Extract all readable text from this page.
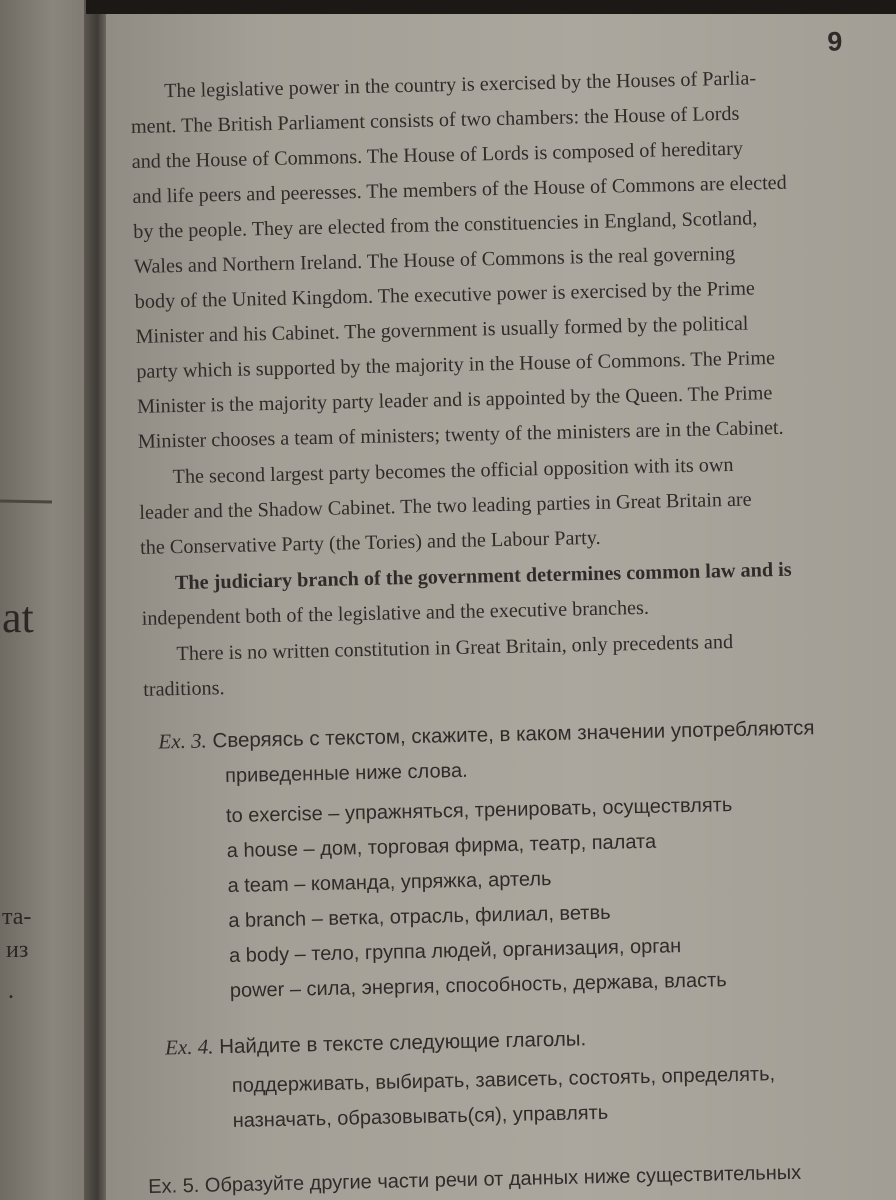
at
та-
из
.
9
The legislative power in the country is exercised by the Houses of Parlia-
ment. The British Parliament consists of two chambers: the House of Lords
and the House of Commons. The House of Lords is composed of hereditary
and life peers and peeresses. The members of the House of Commons are elected
by the people. They are elected from the constituencies in England, Scotland,
Wales and Northern Ireland. The House of Commons is the real governing
body of the United Kingdom. The executive power is exercised by the Prime
Minister and his Cabinet. The government is usually formed by the political
party which is supported by the majority in the House of Commons. The Prime
Minister is the majority party leader and is appointed by the Queen. The Prime
Minister chooses a team of ministers; twenty of the ministers are in the Cabinet.
The second largest party becomes the official opposition with its own
leader and the Shadow Cabinet. The two leading parties in Great Britain are
the Conservative Party (the Tories) and the Labour Party.
The judiciary branch of the government determines common law and is
independent both of the legislative and the executive branches.
There is no written constitution in Great Britain, only precedents and
traditions.
Ex. 3. Сверяясь с текстом, скажите, в каком значении употребляются
приведенные ниже слова.
to exercise – упражняться, тренировать, осуществлять
a house – дом, торговая фирма, театр, палата
a team – команда, упряжка, артель
a branch – ветка, отрасль, филиал, ветвь
a body – тело, группа людей, организация, орган
power – сила, энергия, способность, держава, власть
Ex. 4. Найдите в тексте следующие глаголы.
поддерживать, выбирать, зависеть, состоять, определять,
назначать, образовывать(ся), управлять
Ex. 5. Образуйте другие части речи от данных ниже существительных
